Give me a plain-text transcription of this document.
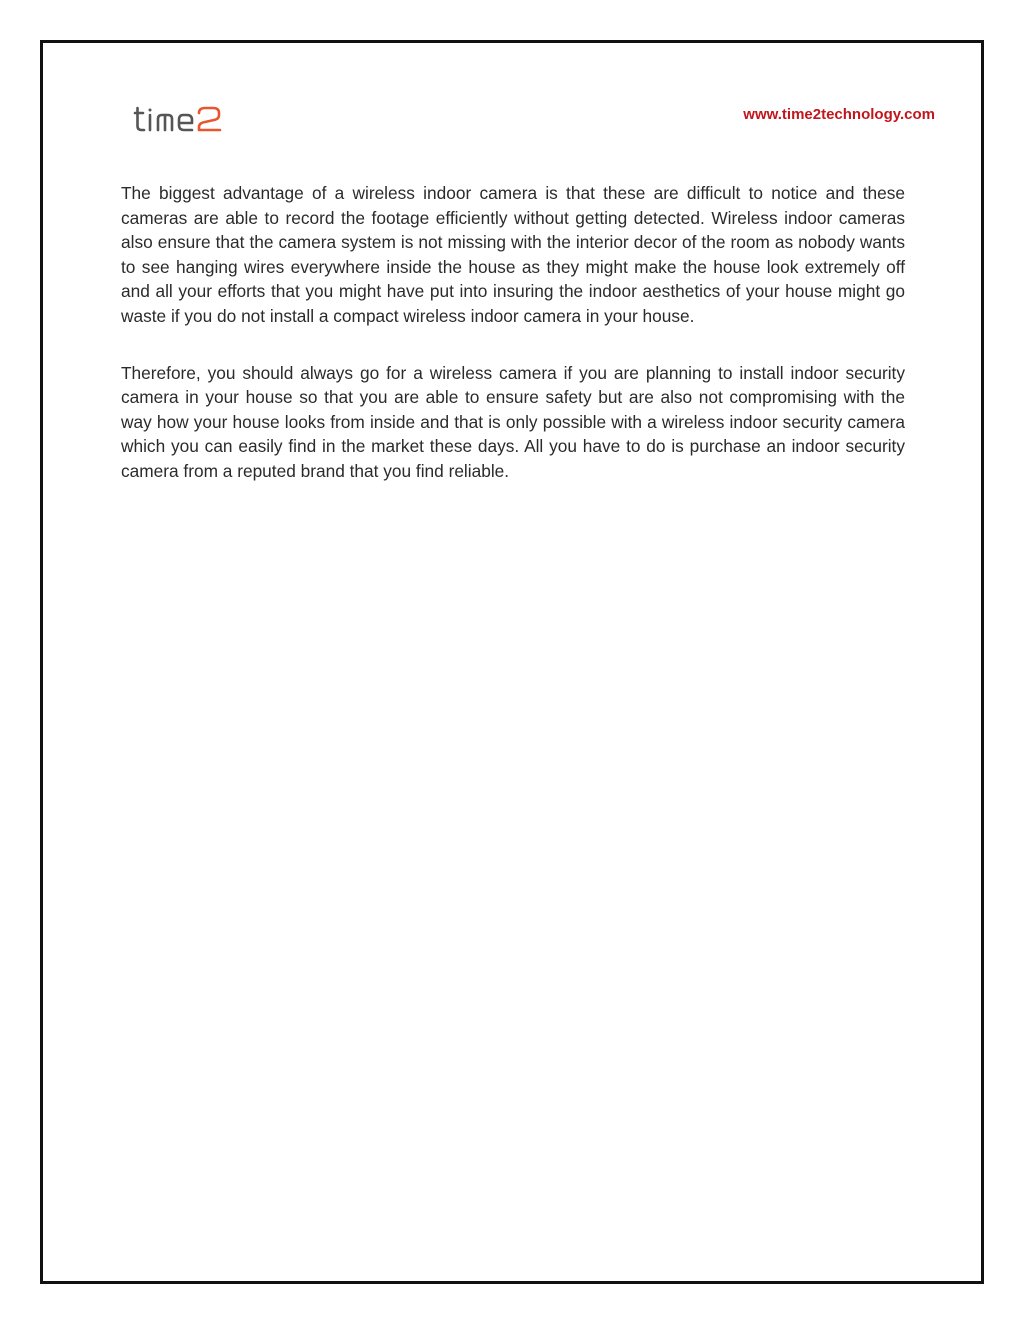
www.time2technology.com

The biggest advantage of a wireless indoor camera is that these are difficult to notice and these cameras are able to record the footage efficiently without getting detected. Wireless indoor cameras also ensure that the camera system is not missing with the interior decor of the room as nobody wants to see hanging wires everywhere inside the house as they might make the house look extremely off and all your efforts that you might have put into insuring the indoor aesthetics of your house might go waste if you do not install a compact wireless indoor camera in your house.

Therefore, you should always go for a wireless camera if you are planning to install indoor security camera in your house so that you are able to ensure safety but are also not compromising with the way how your house looks from inside and that is only possible with a wireless indoor security camera which you can easily find in the market these days. All you have to do is purchase an indoor security camera from a reputed brand that you find reliable.
